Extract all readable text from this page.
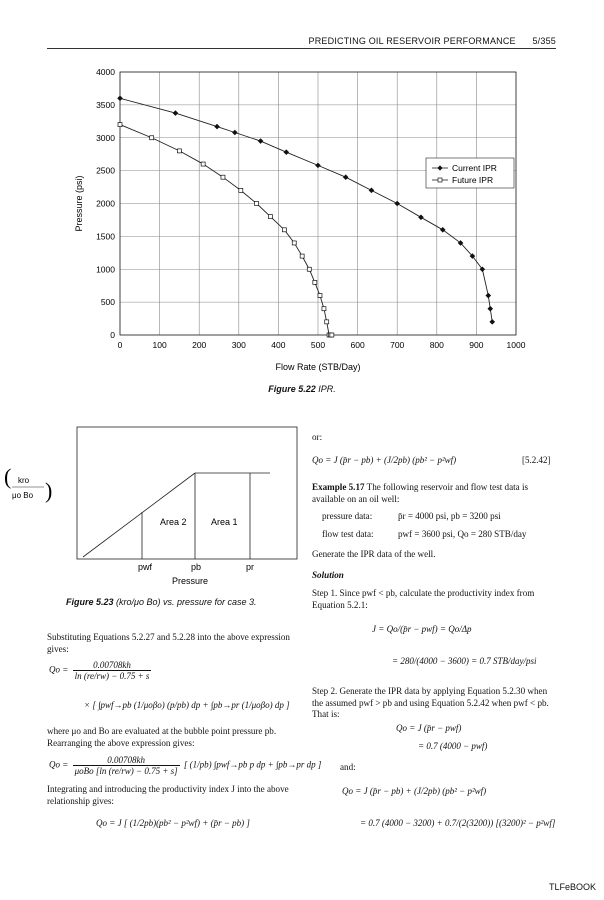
PREDICTING OIL RESERVOIR PERFORMANCE 5/355
0	100	200	300	400	500	600	700	800	900	1000
0
500
1000
1500
2000
2500
3000
3500
4000
Flow Rate (STB/Day)
Pressure (psi)
Current IPR
Future IPR
Figure 5.22 IPR.
Area 2	Area 1
pwf	pb	pr
Pressure
( kro
μo Bo )
Figure 5.23 (kro/μo Bo) vs. pressure for case 3.
Substituting Equations 5.2.27 and 5.2.28 into the above expression gives:
$Qo = \frac{0.00708kh}{\ln (re/rw) - 0.75 + s}$
× [ ∫pwf→pb (1/μoβo) (p/pb) dp + ∫pb→pr (1/μoβo) dp ]
where μo and Bo are evaluated at the bubble point pressure pb. Rearranging the above expression gives:
$Qo = \frac{0.00708kh}{\text{μoBo [ln (re/rw) − 0.75 + s]}}$ [ (1/pb) ∫pwf→pb p dp + ∫pb→pr dp ]
Integrating and introducing the productivity index J into the above relationship gives:
Qo = J [ (1/2pb)(pb² − p²wf) + (p̄r − pb) ]
or:
Qo = J (p̄r − pb) + (J/2pb) (pb² − p²wf)	[5.2.42]
Example 5.17 The following reservoir and flow test data is available on an oil well:
pressure data:	p̄r = 4000 psi, pb = 3200 psi
flow test data:	pwf = 3600 psi, Qo = 280 STB/day
Generate the IPR data of the well.
Solution
Step 1. Since pwf < pb, calculate the productivity index from Equation 5.2.1:
J = Qo/(p̄r − pwf) = Qo/Δp
= 280/(4000 − 3600) = 0.7 STB/day/psi
Step 2. Generate the IPR data by applying Equation 5.2.30 when the assumed pwf > pb and using Equation 5.2.42 when pwf < pb. That is:
Qo = J (p̄r − pwf)
= 0.7 (4000 − pwf)
and:
Qo = J (p̄r − pb) + (J/2pb) (pb² − p²wf)
= 0.7 (4000 − 3200) + 0.7/(2(3200)) [(3200)² − p²wf]
TLFeBOOK
